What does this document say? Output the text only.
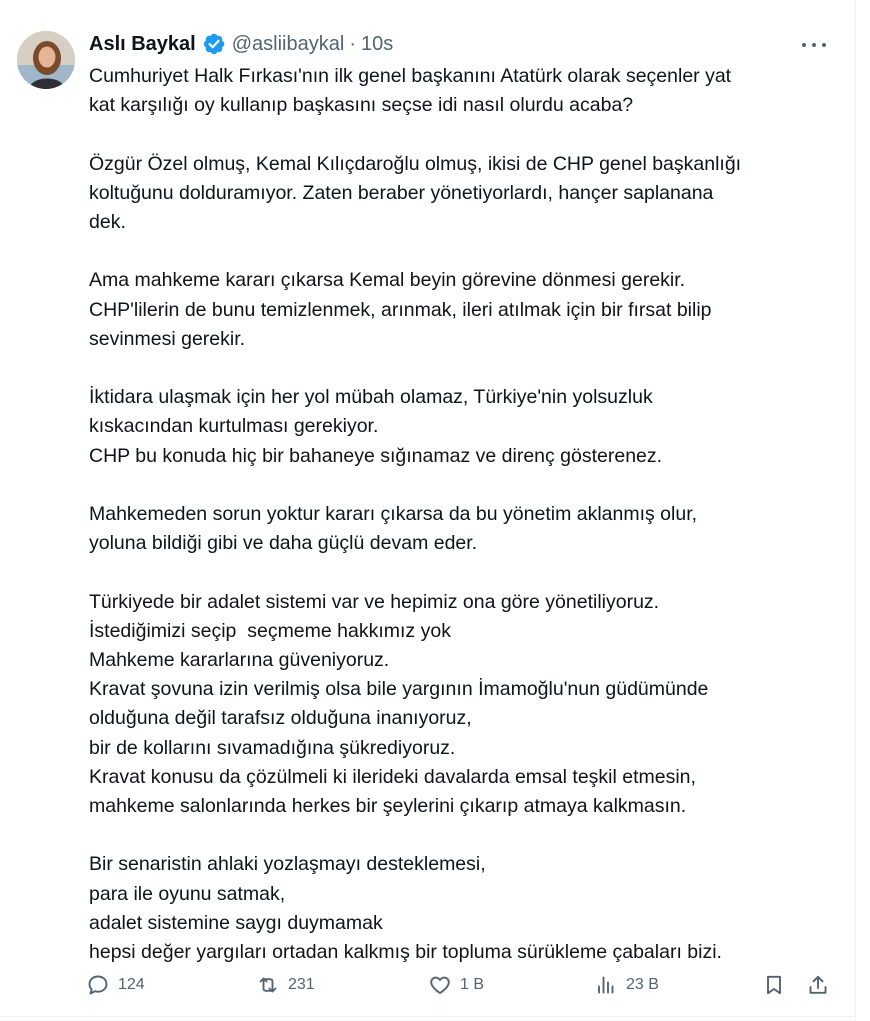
Aslı Baykal @asliibaykal · 10s

Cumhuriyet Halk Fırkası'nın ilk genel başkanını Atatürk olarak seçenler yat

kat karşılığı oy kullanıp başkasını seçse idi nasıl olurdu acaba?

Özgür Özel olmuş, Kemal Kılıçdaroğlu olmuş, ikisi de CHP genel başkanlığı

koltuğunu dolduramıyor. Zaten beraber yönetiyorlardı, hançer saplanana

dek.

Ama mahkeme kararı çıkarsa Kemal beyin görevine dönmesi gerekir.

CHP'lilerin de bunu temizlenmek, arınmak, ileri atılmak için bir fırsat bilip

sevinmesi gerekir.

İktidara ulaşmak için her yol mübah olamaz, Türkiye'nin yolsuzluk

kıskacından kurtulması gerekiyor.

CHP bu konuda hiç bir bahaneye sığınamaz ve direnç gösterenez.

Mahkemeden sorun yoktur kararı çıkarsa da bu yönetim aklanmış olur,

yoluna bildiği gibi ve daha güçlü devam eder.

Türkiyede bir adalet sistemi var ve hepimiz ona göre yönetiliyoruz.

İstediğimizi seçip  seçmeme hakkımız yok

Mahkeme kararlarına güveniyoruz.

Kravat şovuna izin verilmiş olsa bile yargının İmamoğlu'nun güdümünde

olduğuna değil tarafsız olduğuna inanıyoruz,

bir de kollarını sıvamadığına şükrediyoruz.

Kravat konusu da çözülmeli ki ilerideki davalarda emsal teşkil etmesin,

mahkeme salonlarında herkes bir şeylerini çıkarıp atmaya kalkmasın.

Bir senaristin ahlaki yozlaşmayı desteklemesi,

para ile oyunu satmak,

adalet sistemine saygı duymamak

hepsi değer yargıları ortadan kalkmış bir topluma sürükleme çabaları bizi.

124	231	1 B	23 B
